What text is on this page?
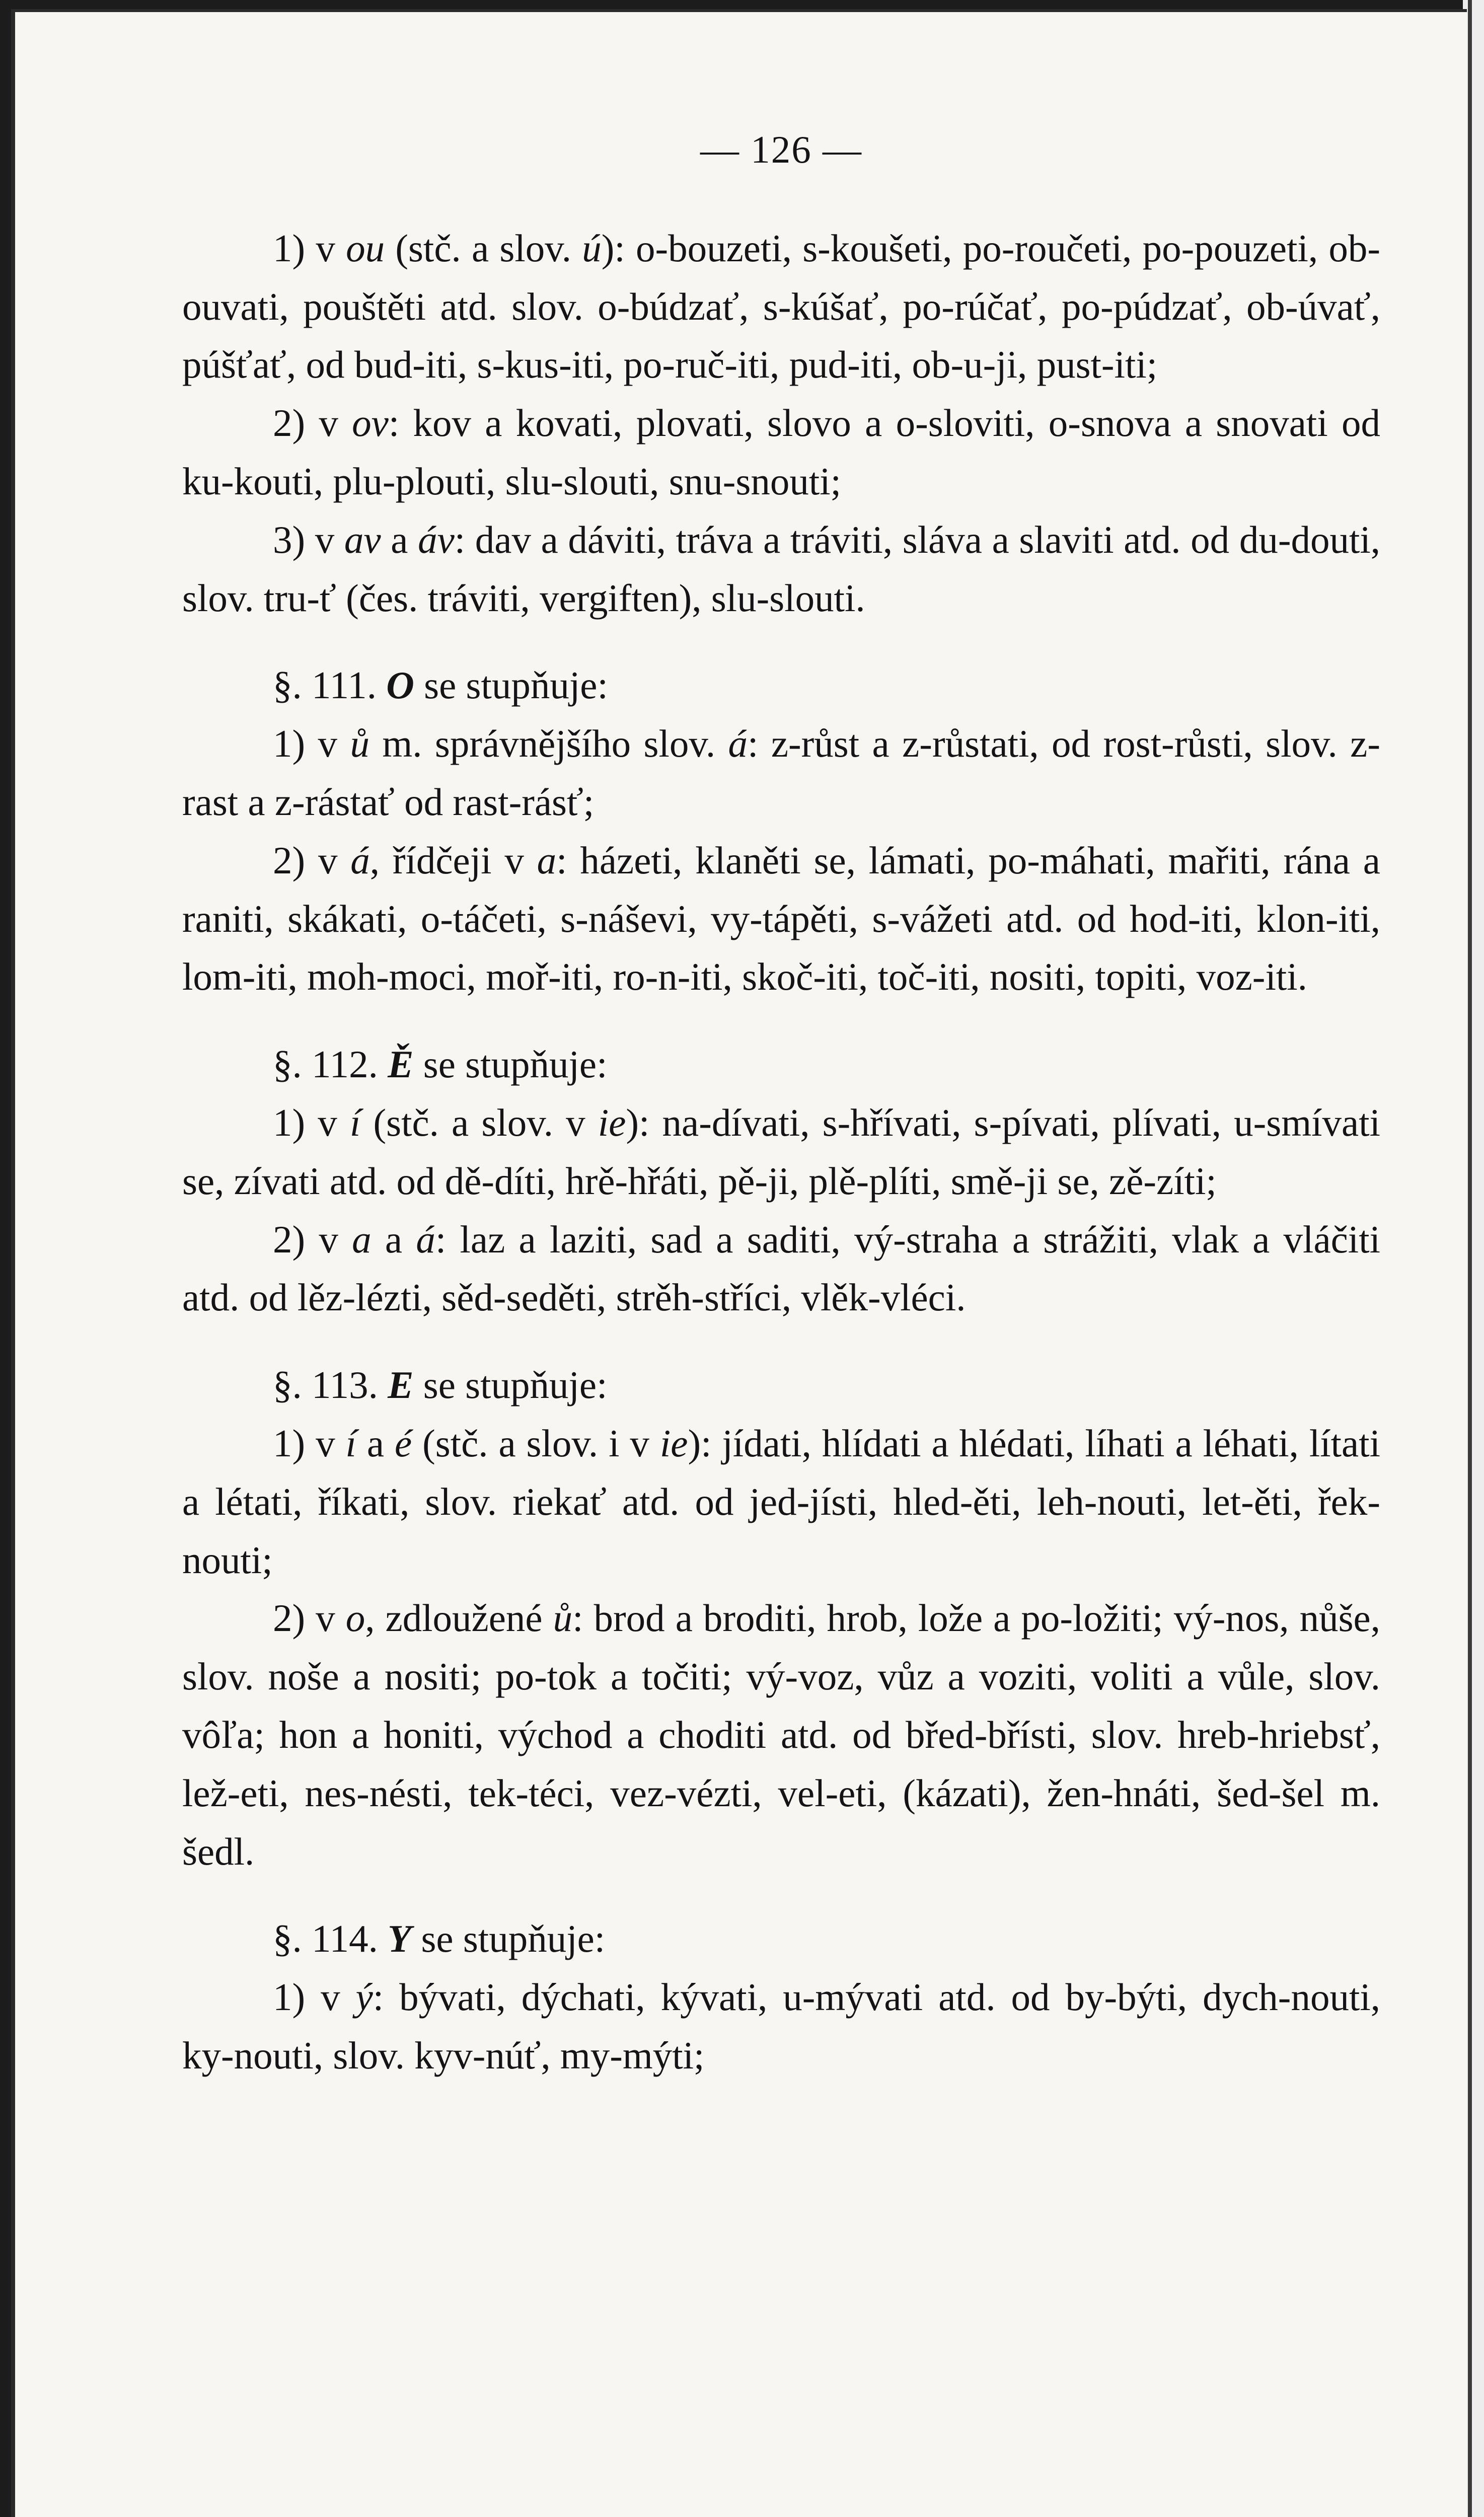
— 126 —

1) v ou (stč. a slov. ú): o-bouzeti, s-koušeti, po-roučeti, po-pouzeti, ob-ouvati, pouštěti atd. slov. o-búdzať, s-kúšať, po-rúčať, po-púdzať, ob-úvať, púšťať, od bud-iti, s-kus-iti, po-ruč-iti, pud-iti, ob-u-ji, pust-iti;

2) v ov: kov a kovati, plovati, slovo a o-sloviti, o-snova a snovati od ku-kouti, plu-plouti, slu-slouti, snu-snouti;

3) v av a áv: dav a dáviti, tráva a tráviti, sláva a slaviti atd. od du-douti, slov. tru-ť (čes. tráviti, vergiften), slu-slouti.

§. 111. O se stupňuje:

1) v ů m. správnějšího slov. á: z-růst a z-růstati, od rost-růsti, slov. z-rast a z-rástať od rast-rásť;

2) v á, řídčeji v a: házeti, klaněti se, lámati, po-máhati, mařiti, rána a raniti, skákati, o-táčeti, s-náševi, vy-tápěti, s-vážeti atd. od hod-iti, klon-iti, lom-iti, moh-moci, moř-iti, ro-n-iti, skoč-iti, toč-iti, nositi, topiti, voz-iti.

§. 112. Ě se stupňuje:

1) v í (stč. a slov. v ie): na-dívati, s-hřívati, s-pívati, plívati, u-smívati se, zívati atd. od dě-díti, hrě-hřáti, pě-ji, plě-plíti, smě-ji se, zě-zíti;

2) v a a á: laz a laziti, sad a saditi, vý-straha a strážiti, vlak a vláčiti atd. od lěz-lézti, sěd-seděti, strěh-stříci, vlěk-vléci.

§. 113. E se stupňuje:

1) v í a é (stč. a slov. i v ie): jídati, hlídati a hlédati, líhati a léhati, lítati a létati, říkati, slov. riekať atd. od jed-jísti, hled-ěti, leh-nouti, let-ěti, řek-nouti;

2) v o, zdloužené ů: brod a broditi, hrob, lože a po-ložiti; vý-nos, nůše, slov. noše a nositi; po-tok a točiti; vý-voz, vůz a voziti, voliti a vůle, slov. vôľa; hon a honiti, východ a choditi atd. od břed-břísti, slov. hreb-hriebsť, lež-eti, nes-nésti, tek-téci, vez-vézti, vel-eti, (kázati), žen-hnáti, šed-šel m. šedl.

§. 114. Y se stupňuje:

1) v ý: bývati, dýchati, kývati, u-mývati atd. od by-býti, dych-nouti, ky-nouti, slov. kyv-núť, my-mýti;
